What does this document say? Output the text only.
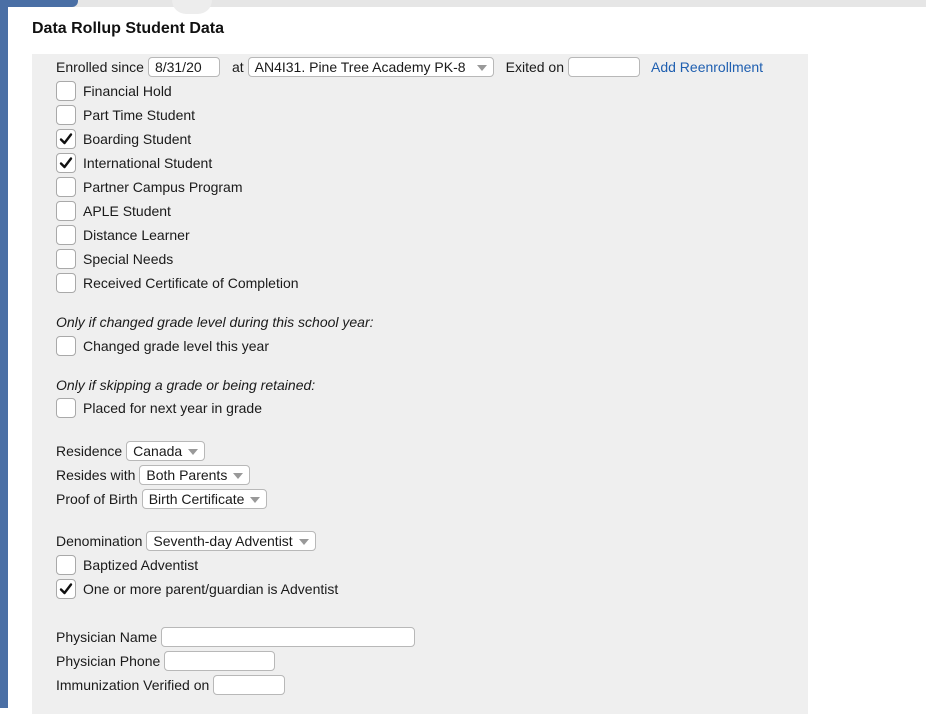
Data Rollup Student Data
Enrolled since 8/31/20	at AN4I31. Pine Tree Academy PK-8	Exited on	Add Reenrollment
Financial Hold
Part Time Student
Boarding Student
International Student
Partner Campus Program
APLE Student
Distance Learner
Special Needs
Received Certificate of Completion
Only if changed grade level during this school year:
Changed grade level this year
Only if skipping a grade or being retained:
Placed for next year in grade
Residence Canada
Resides with Both Parents
Proof of Birth Birth Certificate
Denomination Seventh-day Adventist
Baptized Adventist
One or more parent/guardian is Adventist
Physician Name
Physician Phone
Immunization Verified on
